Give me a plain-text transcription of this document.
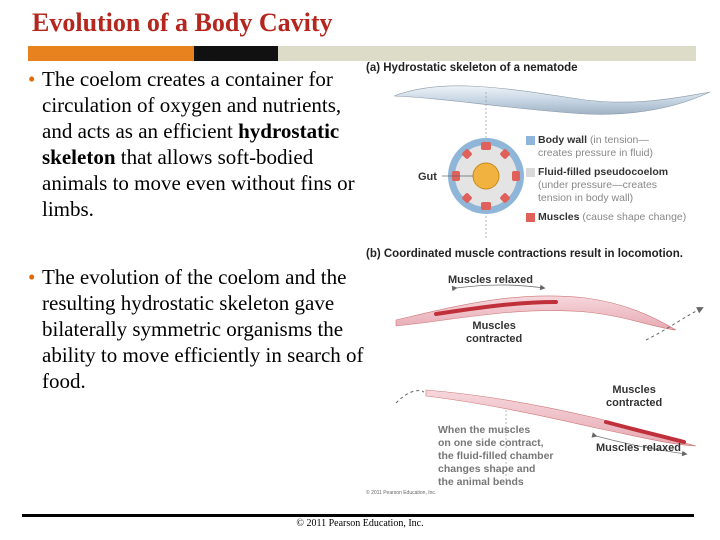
Evolution of a Body Cavity
• The coelom creates a container for circulation of oxygen and nutrients, and acts as an efficient hydrostatic skeleton that allows soft-bodied animals to move even without fins or limbs.
• The evolution of the coelom and the resulting hydrostatic skeleton gave bilaterally symmetric organisms the ability to move efficiently in search of food.
(a) Hydrostatic skeleton of a nematode
Gut
Body wall (in tension—
creates pressure in fluid)
Fluid-filled pseudocoelom
(under pressure—creates
tension in body wall)
Muscles (cause shape change)
(b) Coordinated muscle contractions result in locomotion.
Muscles relaxed
Muscles
contracted
Muscles
contracted
Muscles relaxed
When the muscles
on one side contract,
the fluid-filled chamber
changes shape and
the animal bends
© 2011 Pearson Education, Inc.
© 2011 Pearson Education, Inc.
